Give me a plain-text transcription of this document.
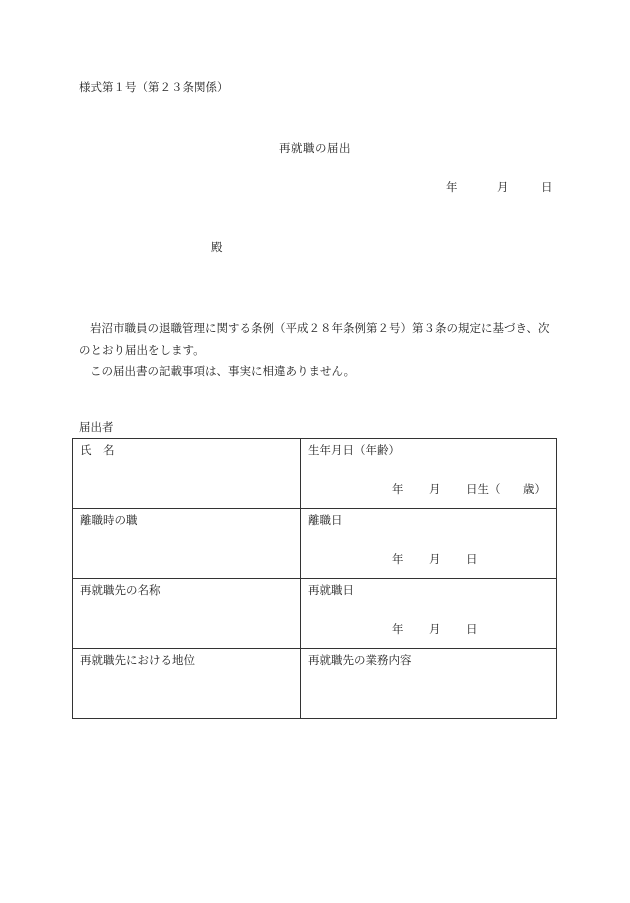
様式第１号（第２３条関係）
再就職の届出
年	月	日
殿
岩沼市職員の退職管理に関する条例（平成２８年条例第２号）第３条の規定に基づき、次のとおり届出をします。
この届出書の記載事項は、事実に相違ありません。
届出者
氏　名	生年月日（年齢）
年 月 日生（ 歳）

離職時の職	離職日
年 月 日

再就職先の名称	再就職日
年 月 日

再就職先における地位	再就職先の業務内容
